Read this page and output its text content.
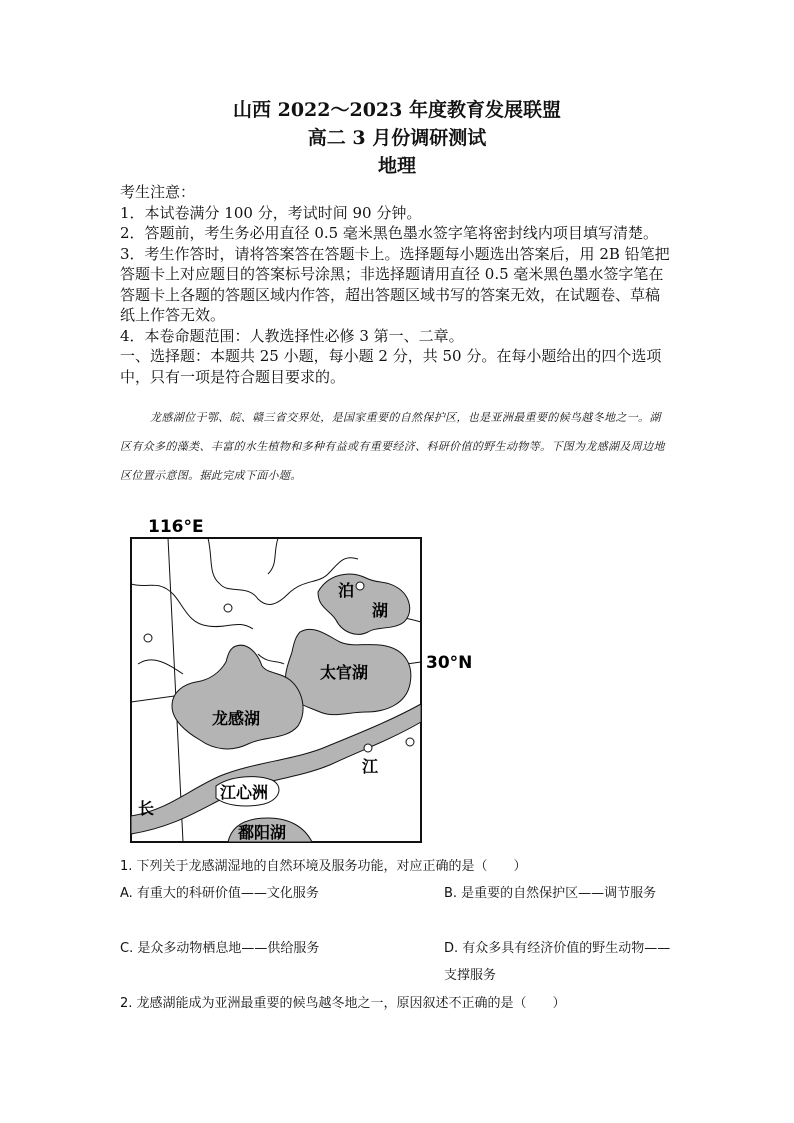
山西 2022～2023 年度教育发展联盟
高二 3 月份调研测试
地理
考生注意：
1．本试卷满分 100 分，考试时间 90 分钟。
2．答题前，考生务必用直径 0.5 毫米黑色墨水签字笔将密封线内项目填写清楚。
3．考生作答时，请将答案答在答题卡上。选择题每小题选出答案后，用 2B 铅笔把答题卡上对应题目的答案标号涂黑；非选择题请用直径 0.5 毫米黑色墨水签字笔在答题卡上各题的答题区域内作答，超出答题区域书写的答案无效，在试题卷、草稿纸上作答无效。
4．本卷命题范围：人教选择性必修 3 第一、二章。
一、选择题：本题共 25 小题，每小题 2 分，共 50 分。在每小题给出的四个选项中，只有一项是符合题目要求的。

龙感湖位于鄂、皖、赣三省交界处，是国家重要的自然保护区，也是亚洲最重要的候鸟越冬地之一。湖区有众多的藻类、丰富的水生植物和多种有益或有重要经济、科研价值的野生动物等。下图为龙感湖及周边地区位置示意图。据此完成下面小题。

116°E
30°N
泊
湖
太官湖
龙感湖
江
江心洲
长
鄱阳湖
1. 下列关于龙感湖湿地的自然环境及服务功能，对应正确的是（　　）
A. 有重大的科研价值——文化服务	B. 是重要的自然保护区——调节服务
C. 是众多动物栖息地——供给服务	D. 有众多具有经济价值的野生动物——支撑服务
2. 龙感湖能成为亚洲最重要的候鸟越冬地之一，原因叙述不正确的是（　　）
